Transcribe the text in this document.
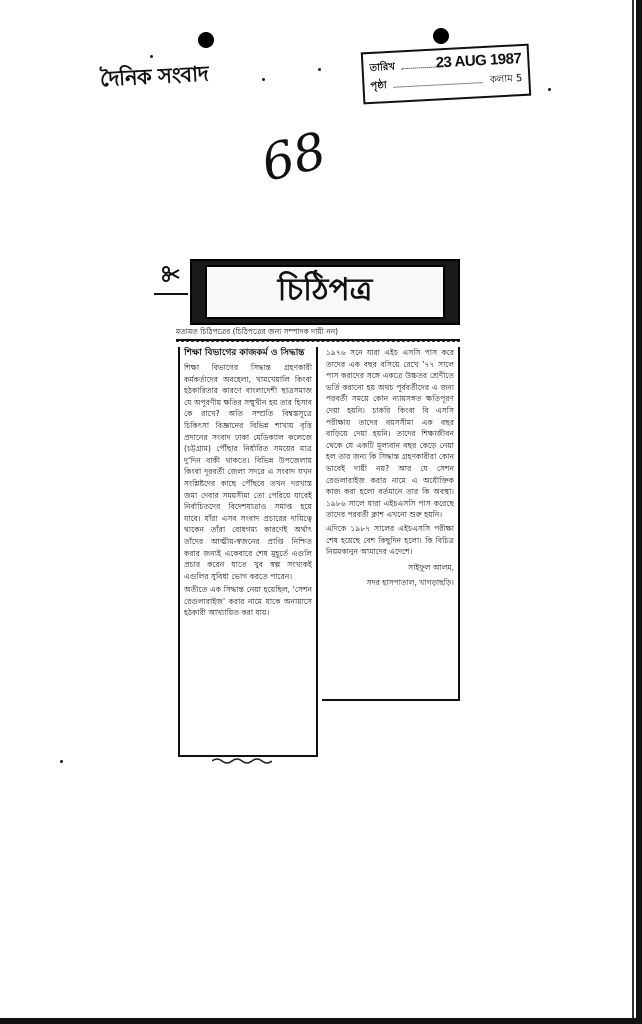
দৈনিক সংবাদ	তারিখ	23 AUG 1987
পৃষ্ঠা
কলাম 5
68
চিঠিপত্র
মতামত চিঠিপত্রের (চিঠিপত্রের জন্য সম্পাদক দায়ী নন)
শিক্ষা বিভাগের কাজকর্ম ও সিদ্ধান্ত

শিক্ষা বিভাগের সিদ্ধান্ত গ্রহণকারী কর্মকর্তাদের অবহেলা, খামখেয়ালি কিংবা হঠকারিতার কারণে বাংলাদেশী ছাত্রসমাজ যে অপূরণীয় ক্ষতির সম্মুখীন হয় তার হিসাব কে রাখে? অতি সম্প্রতি বিশ্বস্তসূত্রে চিকিৎসা বিজ্ঞানের বিভিন্ন শাখায় বৃত্তি প্রদানের সংবাদ ঢাকা মেডিক্যাল কলেজে (চট্টগ্রাম) পৌঁছার নির্ধারিত সময়ের মাত্র দু'দিন বাকী থাকতে। বিভিন্ন উপজেলায় কিংবা দূরবর্তী জেলা সদরে এ সংবাদ যখন সংশ্লিষ্টদের কাছে পৌঁছবে তখন দরখাস্ত জমা দেবার সময়সীমা তো পেরিয়ে যাবেই নির্বাচিতদের বিদেশযাত্রাও সমাপ্ত হয়ে যাবে। যাঁরা এসব সংবাদ প্রচারের দায়িত্বে থাকেন তাঁরা বোধগম্য কারণেই অর্থাৎ তাঁদের আত্মীয়-স্বজনের প্রাপ্তি নিশ্চিত করার জন্যই একেবারে শেষ মুহূর্তে এগুলি প্রচার করেন যাতে খুব স্বল্প সংখ্যকই এগুলির সুবিধা ভোগ করতে পারেন।

অতীতে এক সিদ্ধান্ত নেয়া হয়েছিল, 'সেশন রেগুলারাইজ' করার নামে যাকে অনায়াসে হঠকারী আখ্যায়িত করা যায়।

১৯৭৬ সনে যারা এইচ এসসি পাস করে তাদের এক বছর বসিয়ে রেখে '৭৭ সালে পাস করাদের সঙ্গে একত্রে উচ্চতর শ্রেণীতে ভর্তি করানো হয় অথচ পূর্ববর্তীদের এ জন্য পরবর্তী সময়ে কোন ন্যায়সঙ্গত ক্ষতিপূরণ দেয়া হয়নি। চাকরি কিংবা বি এসসি পরীক্ষায় তাদের বয়সসীমা এক বছর বাড়িয়ে দেয়া হয়নি। তাদের শিক্ষাজীবন থেকে যে একটি মূল্যবান বছর কেড়ে নেয়া হল তার জন্য কি সিদ্ধান্ত গ্রহণকারীরা কোন ভাবেই দায়ী নয়? আর যে সেশন রেগুলারাইজ করার নামে এ অযৌক্তিক কাজ করা হলো বর্তমানে তার কি অবস্থা। ১৯৮৬ সালে যারা এইচএসসি পাস করেছে তাদের পরবর্তী ক্লাশ এখনো শুরু হয়নি।

এদিকে ১৯৮৭ সালের এইচএসসি পরীক্ষা শেষ হয়েছে বেশ কিছুদিন হলো। কি বিচিত্র নিয়মকানুন আমাদের এদেশে।

সাইফুল আলম,
সদর হাসপাতাল, খাগড়াছড়ি।
